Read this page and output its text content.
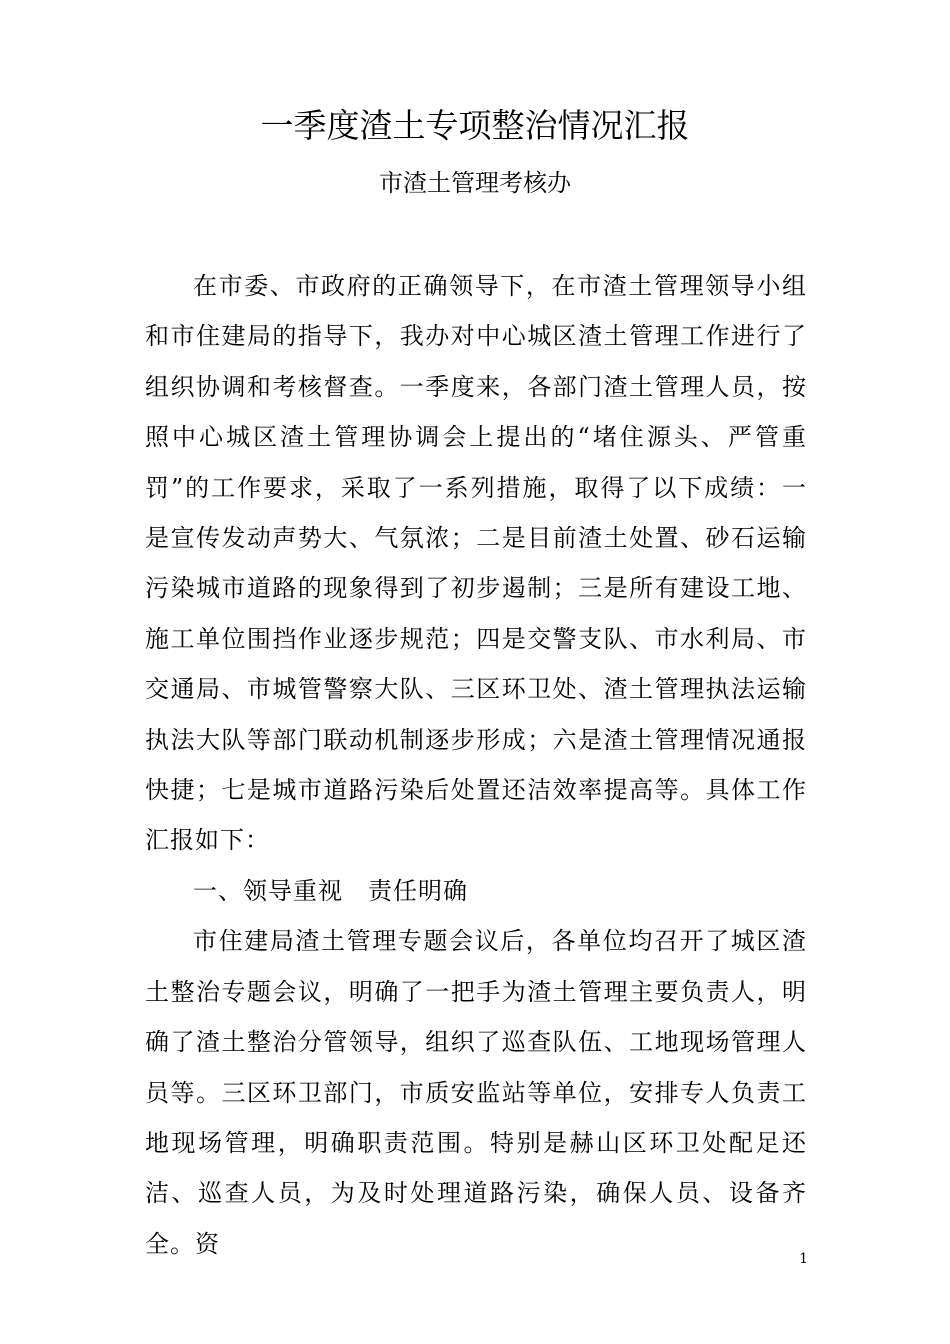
一季度渣土专项整治情况汇报
市渣土管理考核办

在市委、市政府的正确领导下，在市渣土管理领导小组和市住建局的指导下，我办对中心城区渣土管理工作进行了组织协调和考核督查。一季度来，各部门渣土管理人员，按照中心城区渣土管理协调会上提出的“堵住源头、严管重罚”的工作要求，采取了一系列措施，取得了以下成绩：一是宣传发动声势大、气氛浓；二是目前渣土处置、砂石运输污染城市道路的现象得到了初步遏制；三是所有建设工地、施工单位围挡作业逐步规范；四是交警支队、市水利局、市交通局、市城管警察大队、三区环卫处、渣土管理执法运输执法大队等部门联动机制逐步形成；六是渣土管理情况通报快捷；七是城市道路污染后处置还洁效率提高等。具体工作汇报如下：

一、领导重视　责任明确

市住建局渣土管理专题会议后，各单位均召开了城区渣土整治专题会议，明确了一把手为渣土管理主要负责人，明确了渣土整治分管领导，组织了巡查队伍、工地现场管理人员等。三区环卫部门，市质安监站等单位，安排专人负责工地现场管理，明确职责范围。特别是赫山区环卫处配足还洁、巡查人员，为及时处理道路污染，确保人员、设备齐全。资

1
